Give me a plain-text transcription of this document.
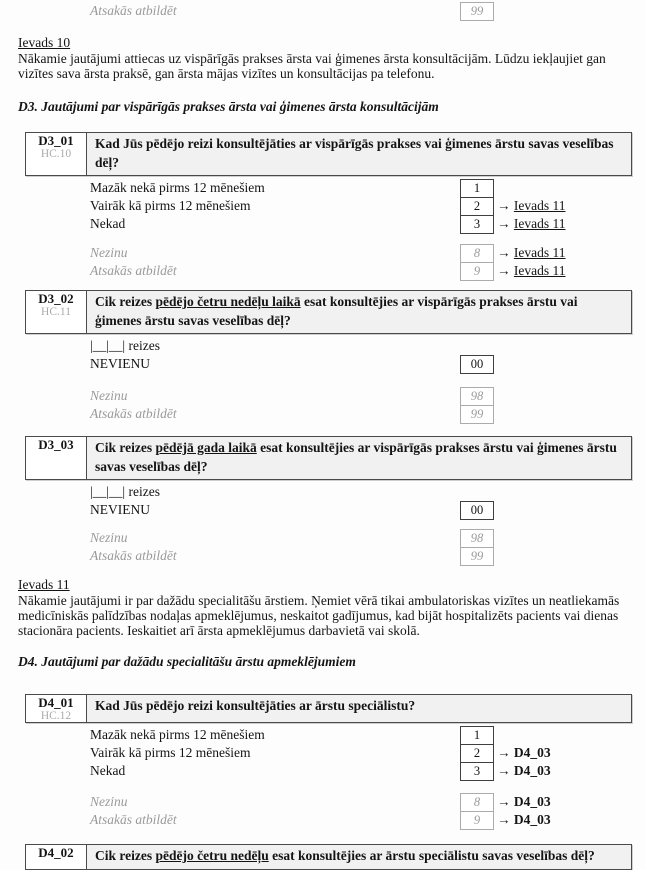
Atsakās atbildēt	99
Ievads 10
Nākamie jautājumi attiecas uz vispārīgās prakses ārsta vai ģimenes ārsta konsultācijām. Lūdzu iekļaujiet gan
vizītes sava ārsta praksē, gan ārsta mājas vizītes un konsultācijas pa telefonu.
D3. Jautājumi par vispārīgās prakses ārsta vai ģimenes ārsta konsultācijām
D3_01
HC.10
Kad Jūs pēdējo reizi konsultējāties ar vispārīgās prakses vai ģimenes ārstu savas veselības dēļ?
Mazāk nekā pirms 12 mēnešiem	1
Vairāk kā pirms 12 mēnešiem	2	→ Ievads 11
Nekad	3	→ Ievads 11
Nezinu	8	→ Ievads 11
Atsakās atbildēt	9	→ Ievads 11
D3_02
HC.11
Cik reizes pēdējo četru nedēļu laikā esat konsultējies ar vispārīgās prakses ārstu vai ģimenes ārstu savas veselības dēļ?
|__|__| reizes
NEVIENU	00
Nezinu	98
Atsakās atbildēt	99
D3_03	Cik reizes pēdējā gada laikā esat konsultējies ar vispārīgās prakses ārstu vai ģimenes ārstu savas veselības dēļ?
|__|__| reizes
NEVIENU	00
Nezinu	98
Atsakās atbildēt	99
Ievads 11
Nākamie jautājumi ir par dažādu specialitāšu ārstiem. Ņemiet vērā tikai ambulatoriskas vizītes un neatliekamās
medicīniskās palīdzības nodaļas apmeklējumus, neskaitot gadījumus, kad bijāt hospitalizēts pacients vai dienas
stacionāra pacients. Ieskaitiet arī ārsta apmeklējumus darbavietā vai skolā.
D4. Jautājumi par dažādu specialitāšu ārstu apmeklējumiem
D4_01
HC.12
Kad Jūs pēdējo reizi konsultējāties ar ārstu speciālistu?
Mazāk nekā pirms 12 mēnešiem	1
Vairāk kā pirms 12 mēnešiem	2	→ D4_03
Nekad	3	→ D4_03
Nezinu	8	→ D4_03
Atsakās atbildēt	9	→ D4_03
D4_02	Cik reizes pēdējo četru nedēļu esat konsultējies ar ārstu speciālistu savas veselības dēļ?
